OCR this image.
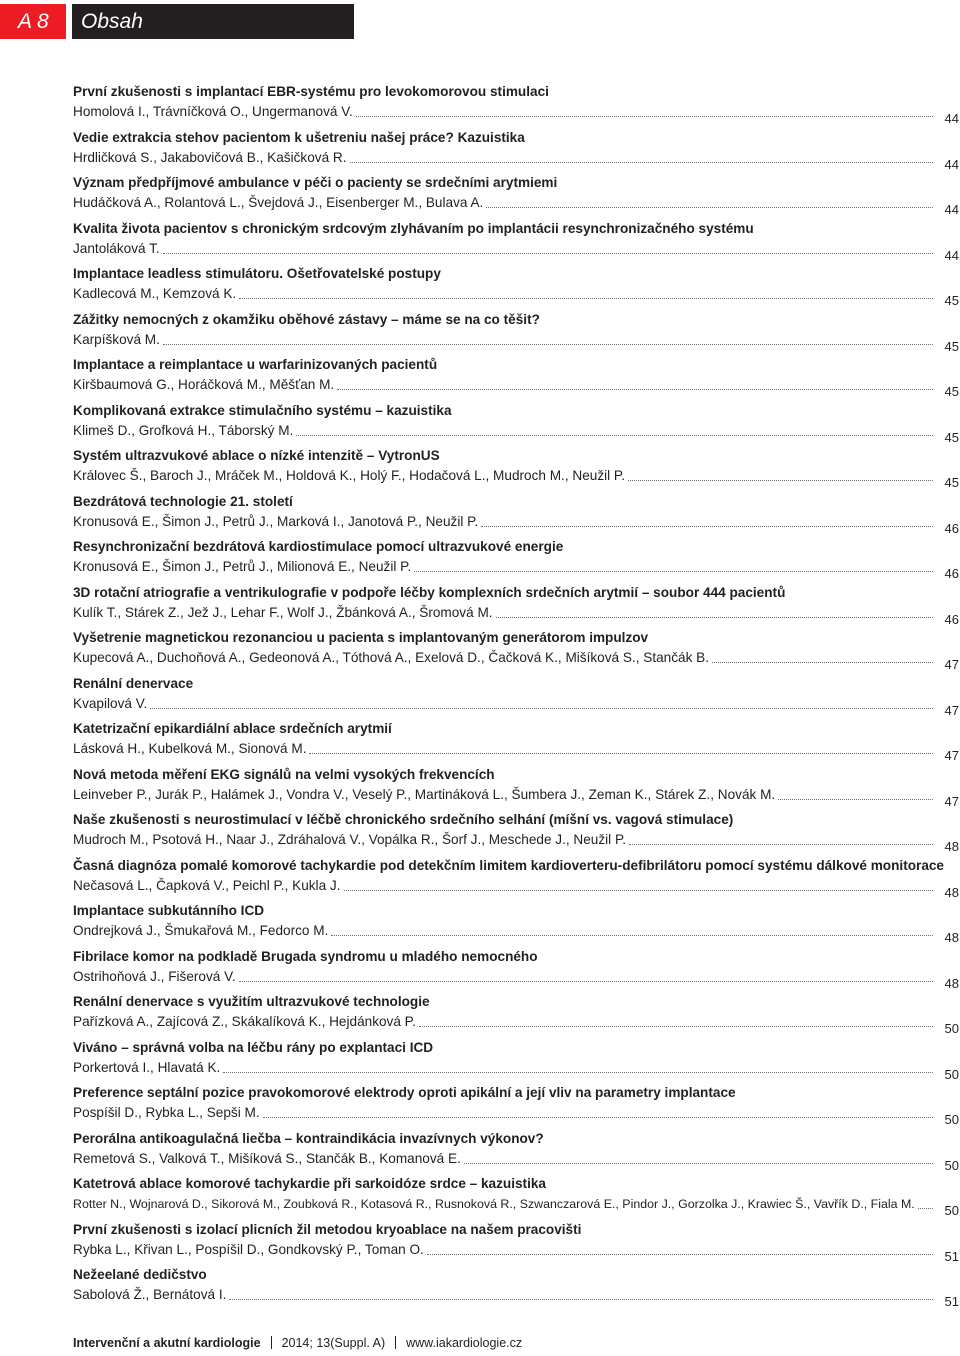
A 8	Obsah
První zkušenosti s implantací EBR-systému pro levokomorovou stimulaci
Homolová I., Trávníčková O., Ungermanová V.	44
Vedie extrakcia stehov pacientom k ušetreniu našej práce? Kazuistika
Hrdličková S., Jakabovičová B., Kašičková R.	44
Význam předpříjmové ambulance v péči o pacienty se srdečními arytmiemi
Hudáčková A., Rolantová L., Švejdová J., Eisenberger M., Bulava A.	44
Kvalita života pacientov s chronickým srdcovým zlyhávaním po implantácii resynchronizačného systému
Jantoláková T.	44
Implantace leadless stimulátoru. Ošetřovatelské postupy
Kadlecová M., Kemzová K.	45
Zážitky nemocných z okamžiku oběhové zástavy – máme se na co těšit?
Karpíšková M.	45
Implantace a reimplantace u warfarinizovaných pacientů
Kiršbaumová G., Horáčková M., Měšťan M.	45
Komplikovaná extrakce stimulačního systému – kazuistika
Klimeš D., Grofková H., Táborský M.	45
Systém ultrazvukové ablace o nízké intenzitě – VytronUS
Královec Š., Baroch J., Mráček M., Holdová K., Holý F., Hodačová L., Mudroch M., Neužil P.	45
Bezdrátová technologie 21. století
Kronusová E., Šimon J., Petrů J., Marková I., Janotová P., Neužil P.	46
Resynchronizační bezdrátová kardiostimulace pomocí ultrazvukové energie
Kronusová E., Šimon J., Petrů J., Milionová E., Neužil P.	46
3D rotační atriografie a ventrikulografie v podpoře léčby komplexních srdečních arytmií – soubor 444 pacientů
Kulík T., Stárek Z., Jež J., Lehar F., Wolf J., Žbánková A., Šromová M.	46
Vyšetrenie magnetickou rezonanciou u pacienta s implantovaným generátorom impulzov
Kupecová A., Duchoňová A., Gedeonová A., Tóthová A., Exelová D., Čačková K., Mišíková S., Stančák B.	47
Renální denervace
Kvapilová V.	47
Katetrizační epikardiální ablace srdečních arytmií
Lásková H., Kubelková M., Sionová M.	47
Nová metoda měření EKG signálů na velmi vysokých frekvencích
Leinveber P., Jurák P., Halámek J., Vondra V., Veselý P., Martináková L., Šumbera J., Zeman K., Stárek Z., Novák M.	47
Naše zkušenosti s neurostimulací v léčbě chronického srdečního selhání (míšní vs. vagová stimulace)
Mudroch M., Psotová H., Naar J., Zdráhalová V., Vopálka R., Šorf J., Meschede J., Neužil P.	48
Časná diagnóza pomalé komorové tachykardie pod detekčním limitem kardioverteru-defibrilátoru pomocí systému dálkové monitorace
Nečasová L., Čapková V., Peichl P., Kukla J.	48
Implantace subkutánního ICD
Ondrejková J., Šmukařová M., Fedorco M.	48
Fibrilace komor na podkladě Brugada syndromu u mladého nemocného
Ostrihoňová J., Fišerová V.	48
Renální denervace s využitím ultrazvukové technologie
Pařízková A., Zajícová Z., Skákalíková K., Hejdánková P.	50
Viváno – správná volba na léčbu rány po explantaci ICD
Porkertová I., Hlavatá K.	50
Preference septální pozice pravokomorové elektrody oproti apikální a její vliv na parametry implantace
Pospíšil D., Rybka L., Sepši M.	50
Perorálna antikoagulačná liečba – kontraindikácia invazívnych výkonov?
Remetová S., Valková T., Mišíková S., Stančák B., Komanová E.	50
Katetrová ablace komorové tachykardie při sarkoidóze srdce – kazuistika
Rotter N., Wojnarová D., Sikorová M., Zoubková R., Kotasová R., Rusnoková R., Szwanczarová E., Pindor J., Gorzolka J., Krawiec Š., Vavřík D., Fiala M. 50
První zkušenosti s izolací plicních žil metodou kryoablace na našem pracovišti
Rybka L., Křivan L., Pospíšil D., Gondkovský P., Toman O.	51
Nežeelané dedičstvo
Sabolová Ž., Bernátová I.	51
Intervenční a akutní kardiologie 2014; 13(Suppl. A) www.iakardiologie.cz
